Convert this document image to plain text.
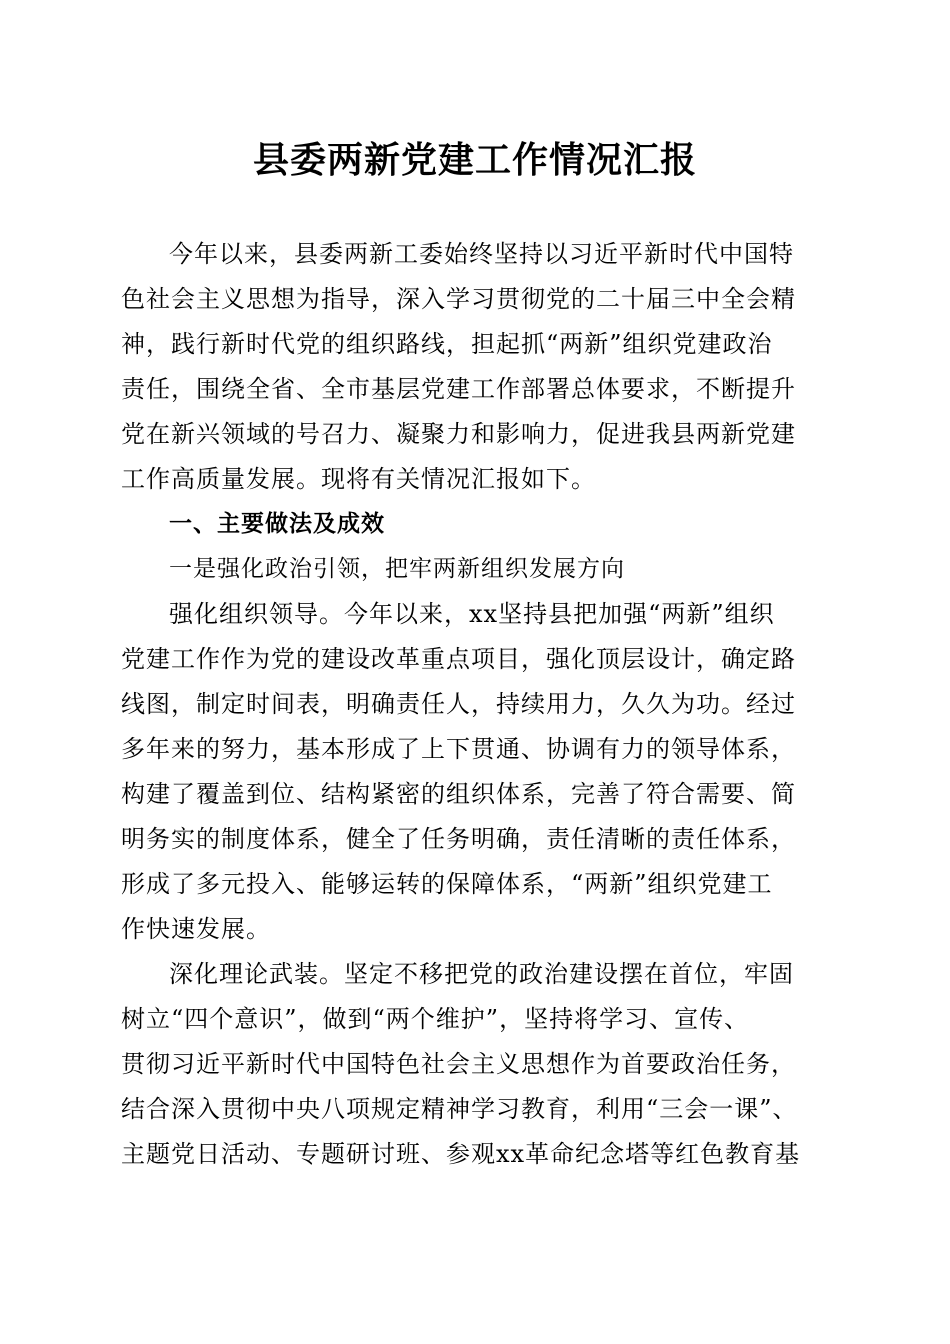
县委两新党建工作情况汇报
今年以来，县委两新工委始终坚持以习近平新时代中国特
色社会主义思想为指导，深入学习贯彻党的二十届三中全会精
神，践行新时代党的组织路线，担起抓“两新”组织党建政治
责任，围绕全省、全市基层党建工作部署总体要求，不断提升
党在新兴领域的号召力、凝聚力和影响力，促进我县两新党建
工作高质量发展。现将有关情况汇报如下。
一、主要做法及成效
一是强化政治引领，把牢两新组织发展方向
强化组织领导。今年以来，xx坚持县把加强“两新”组织
党建工作作为党的建设改革重点项目，强化顶层设计，确定路
线图，制定时间表，明确责任人，持续用力，久久为功。经过
多年来的努力，基本形成了上下贯通、协调有力的领导体系，
构建了覆盖到位、结构紧密的组织体系，完善了符合需要、简
明务实的制度体系，健全了任务明确，责任清晰的责任体系，
形成了多元投入、能够运转的保障体系，“两新”组织党建工
作快速发展。
深化理论武装。坚定不移把党的政治建设摆在首位，牢固
树立“四个意识”，做到“两个维护”，坚持将学习、宣传、
贯彻习近平新时代中国特色社会主义思想作为首要政治任务，
结合深入贯彻中央八项规定精神学习教育，利用“三会一课”、
主题党日活动、专题研讨班、参观xx革命纪念塔等红色教育基
